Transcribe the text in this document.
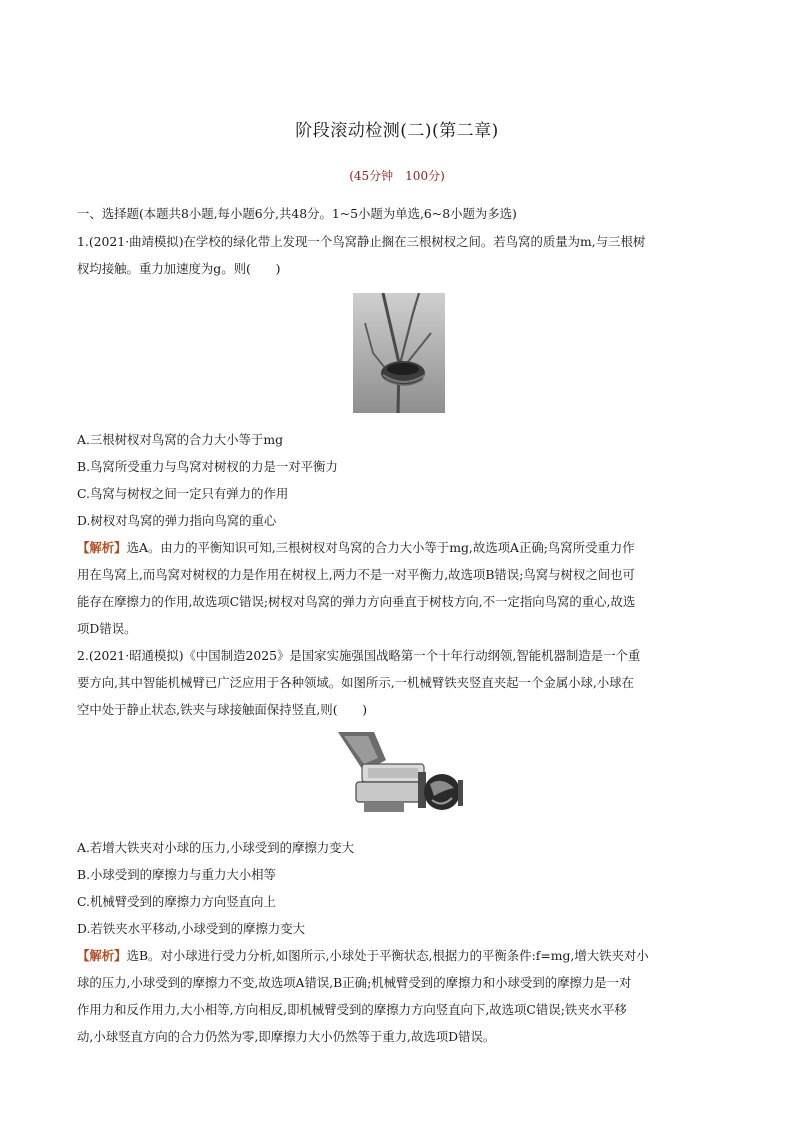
阶段滚动检测(二)(第二章)
(45分钟　100分)
一、选择题(本题共8小题,每小题6分,共48分。1~5小题为单选,6~8小题为多选)
1.(2021·曲靖模拟)在学校的绿化带上发现一个鸟窝静止搁在三根树杈之间。若鸟窝的质量为m,与三根树
杈均接触。重力加速度为g。则(　　)
A.三根树杈对鸟窝的合力大小等于mg
B.鸟窝所受重力与鸟窝对树杈的力是一对平衡力
C.鸟窝与树杈之间一定只有弹力的作用
D.树杈对鸟窝的弹力指向鸟窝的重心
【解析】选A。由力的平衡知识可知,三根树杈对鸟窝的合力大小等于mg,故选项A正确;鸟窝所受重力作
用在鸟窝上,而鸟窝对树杈的力是作用在树杈上,两力不是一对平衡力,故选项B错误;鸟窝与树杈之间也可
能存在摩擦力的作用,故选项C错误;树杈对鸟窝的弹力方向垂直于树枝方向,不一定指向鸟窝的重心,故选
项D错误。
2.(2021·昭通模拟)《中国制造2025》是国家实施强国战略第一个十年行动纲领,智能机器制造是一个重
要方向,其中智能机械臂已广泛应用于各种领域。如图所示,一机械臂铁夹竖直夹起一个金属小球,小球在
空中处于静止状态,铁夹与球接触面保持竖直,则(　　)
A.若增大铁夹对小球的压力,小球受到的摩擦力变大
B.小球受到的摩擦力与重力大小相等
C.机械臂受到的摩擦力方向竖直向上
D.若铁夹水平移动,小球受到的摩擦力变大
【解析】选B。对小球进行受力分析,如图所示,小球处于平衡状态,根据力的平衡条件:f=mg,增大铁夹对小
球的压力,小球受到的摩擦力不变,故选项A错误,B正确;机械臂受到的摩擦力和小球受到的摩擦力是一对
作用力和反作用力,大小相等,方向相反,即机械臂受到的摩擦力方向竖直向下,故选项C错误;铁夹水平移
动,小球竖直方向的合力仍然为零,即摩擦力大小仍然等于重力,故选项D错误。
